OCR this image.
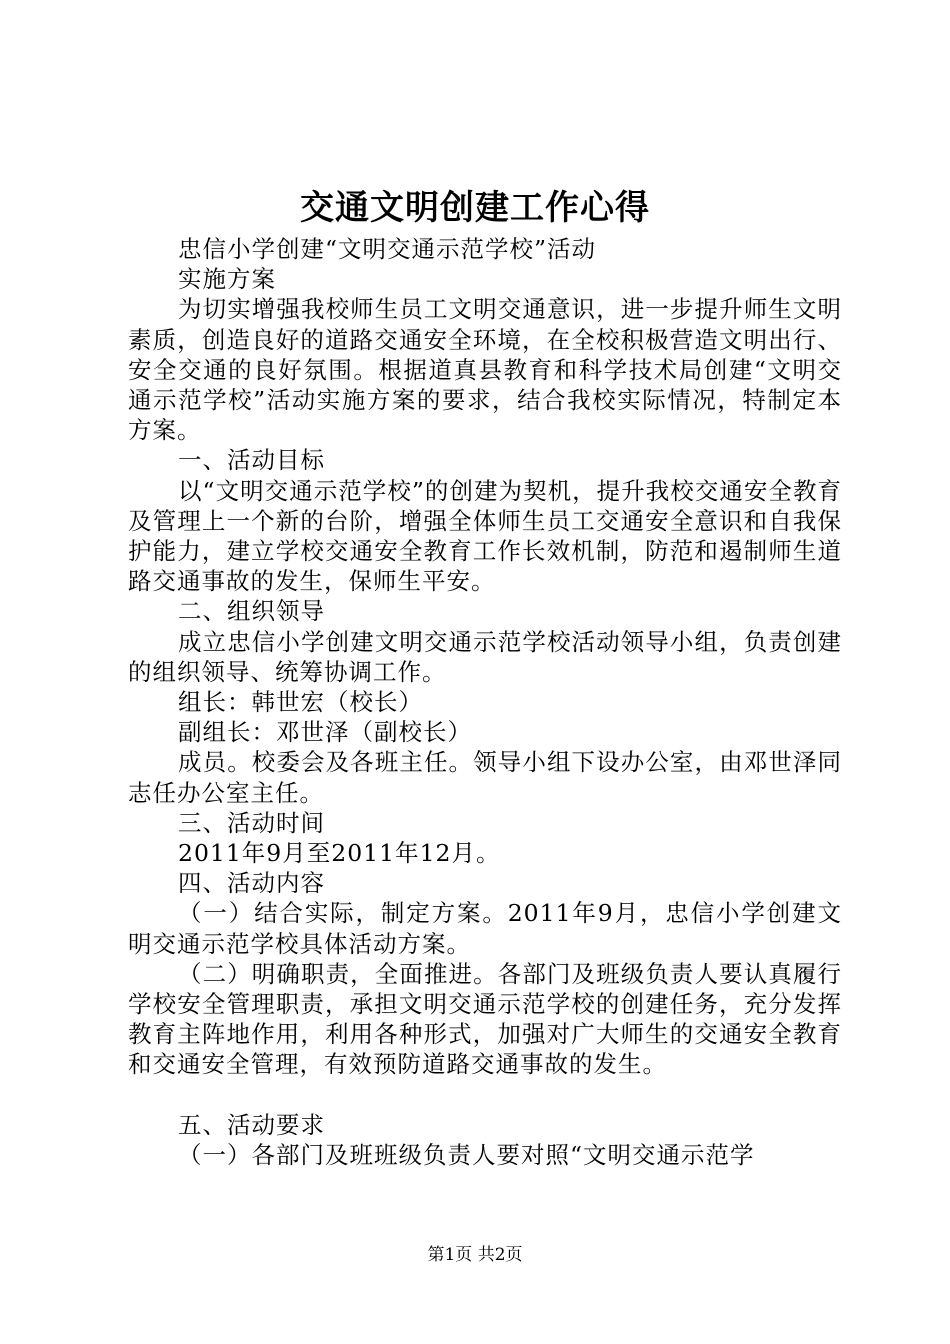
交通文明创建工作心得

忠信小学创建“文明交通示范学校”活动

实施方案

为切实增强我校师生员工文明交通意识，进一步提升师生文明素质，创造良好的道路交通安全环境，在全校积极营造文明出行、安全交通的良好氛围。根据道真县教育和科学技术局创建“文明交通示范学校”活动实施方案的要求，结合我校实际情况，特制定本方案。

一、活动目标

以“文明交通示范学校”的创建为契机，提升我校交通安全教育及管理上一个新的台阶，增强全体师生员工交通安全意识和自我保护能力，建立学校交通安全教育工作长效机制，防范和遏制师生道路交通事故的发生，保师生平安。

二、组织领导

成立忠信小学创建文明交通示范学校活动领导小组，负责创建的组织领导、统筹协调工作。

组长：韩世宏（校长）

副组长：邓世泽（副校长）

成员。校委会及各班主任。领导小组下设办公室，由邓世泽同志任办公室主任。

三、活动时间

2011年9月至2011年12月。

四、活动内容

（一）结合实际，制定方案。2011年9月，忠信小学创建文明交通示范学校具体活动方案。

（二）明确职责，全面推进。各部门及班级负责人要认真履行学校安全管理职责，承担文明交通示范学校的创建任务，充分发挥教育主阵地作用，利用各种形式，加强对广大师生的交通安全教育和交通安全管理，有效预防道路交通事故的发生。

五、活动要求

（一）各部门及班班级负责人要对照“文明交通示范学

第1页 共2页
